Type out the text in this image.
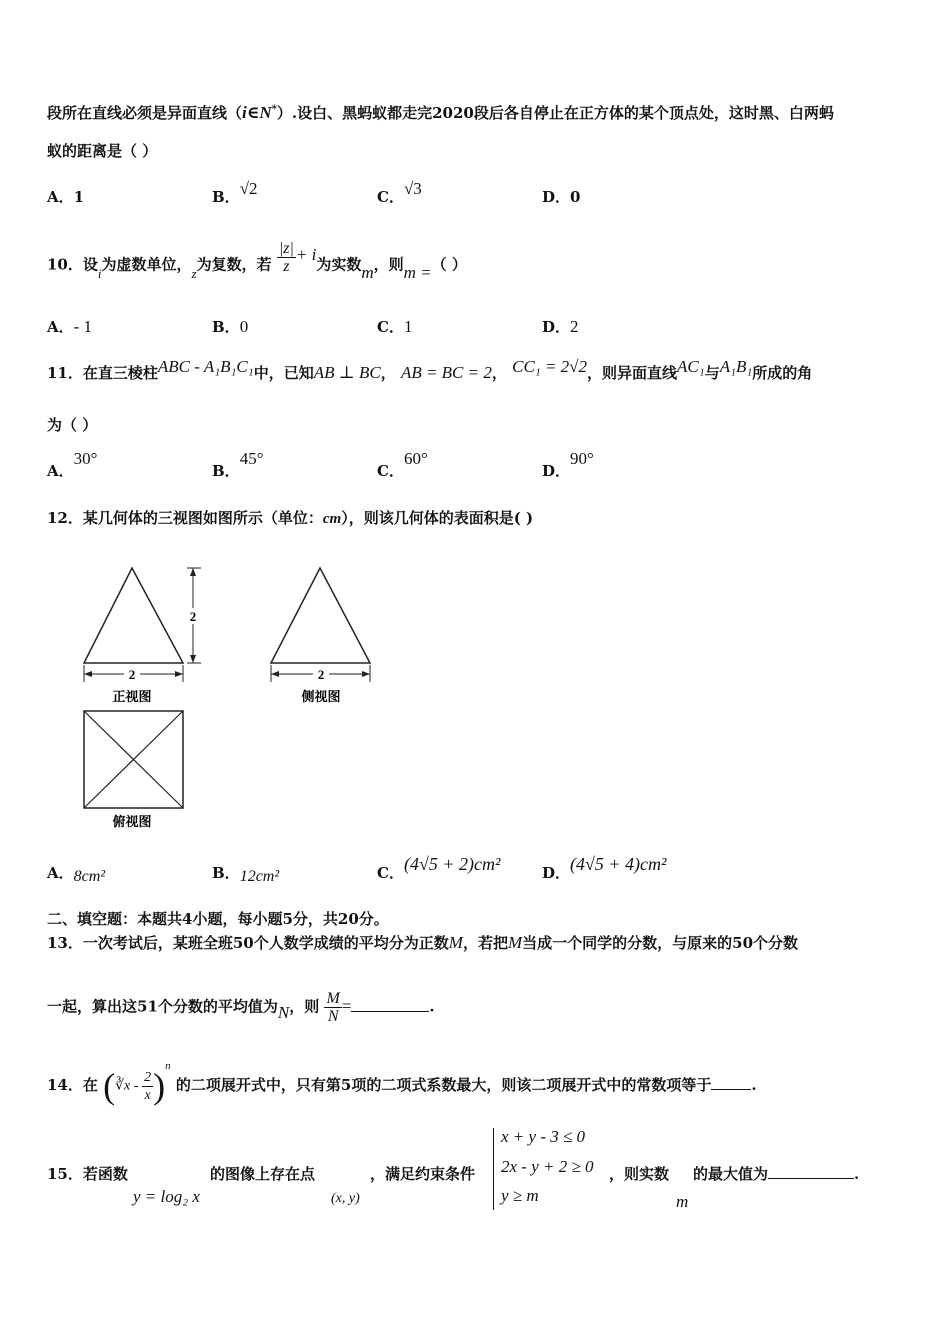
段所在直线必须是异面直线（i∈N*）.设白、黑蚂蚁都走完2020段后各自停止在正方体的某个顶点处，这时黑、白两蚂
蚁的距离是（ ）
A．1	B．√2	C．√3	D．0
10．设i为虚数单位，z为复数，若 $\frac{|z|}{z} + i$为实数m，则m =（ ）
A．- 1	B．0	C．1	D．2
11．在直三棱柱ABC - A₁B₁C₁中，已知AB ⊥ BC， AB = BC = 2， CC₁ = 2√2，则异面直线AC₁与A₁B₁所成的角
为（ ）
A．30°
B．45°
C．60°
D．90°
12．某几何体的三视图如图所示（单位：cm），则该几何体的表面积是( )
2
2
正视图
2
侧视图
俯视图
A．8cm²	B．12cm²	C．(4√5 + 2)cm²	D．(4√5 + 4)cm²
二、填空题：本题共4小题，每小题5分，共20分。
13．一次考试后，某班全班50个人数学成绩的平均分为正数M，若把M当成一个同学的分数，与原来的50个分数
一起，算出这51个分数的平均值为N，则 $\frac{M}{N}$ =	.
14．在 (∛x - $\frac{2}{x} )^n$ 的二项展开式中，只有第5项的二项式系数最大，则该二项展开式中的常数项等于	.
15．若函数
y = log₂ x
的图像上存在点
(x, y)
，满足约束条件
x + y - 3 ≤ 0
2x - y + 2 ≥ 0
y ≥ m
，则实数
m
的最大值为	.
